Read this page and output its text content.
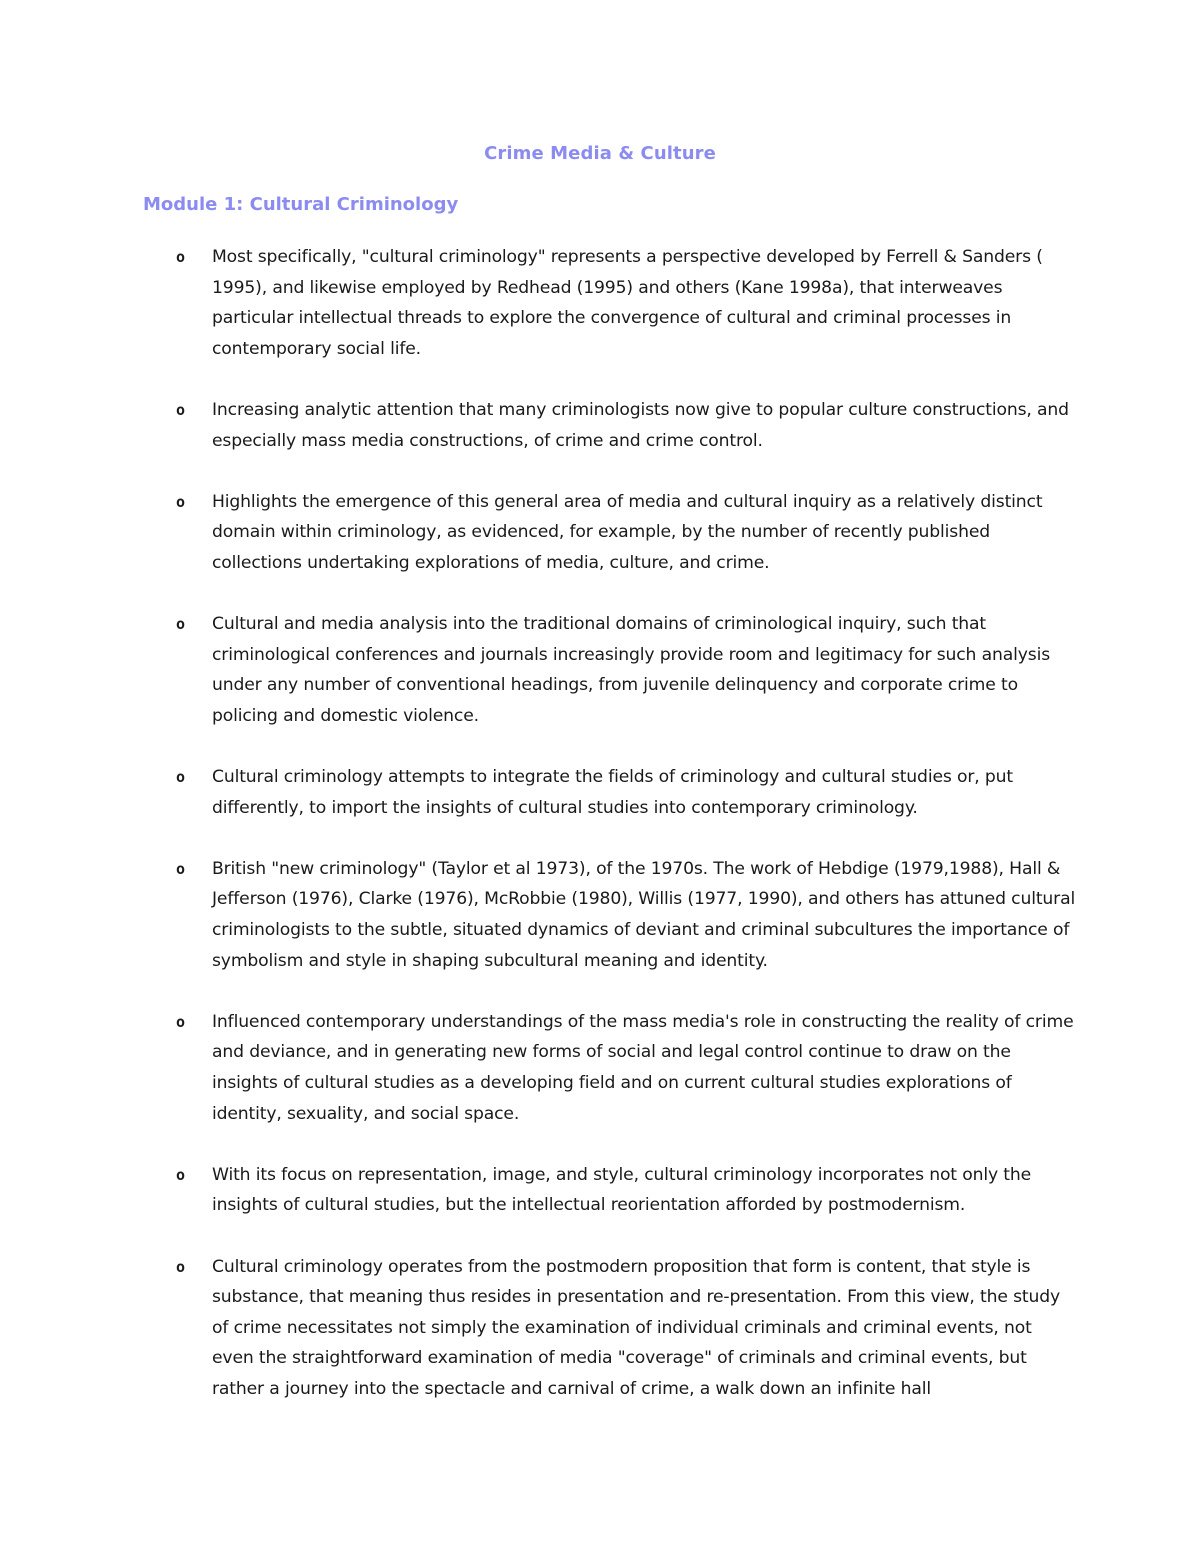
Crime Media & Culture
Module 1: Cultural Criminology
o Most specifically, "cultural criminology" represents a perspective developed by Ferrell & Sanders ( 1995), and likewise employed by Redhead (1995) and others (Kane 1998a), that interweaves particular intellectual threads to explore the convergence of cultural and criminal processes in contemporary social life.
o Increasing analytic attention that many criminologists now give to popular culture constructions, and especially mass media constructions, of crime and crime control.
o Highlights the emergence of this general area of media and cultural inquiry as a relatively distinct domain within criminology, as evidenced, for example, by the number of recently published collections undertaking explorations of media, culture, and crime.
o Cultural and media analysis into the traditional domains of criminological inquiry, such that criminological conferences and journals increasingly provide room and legitimacy for such analysis under any number of conventional headings, from juvenile delinquency and corporate crime to policing and domestic violence.
o Cultural criminology attempts to integrate the fields of criminology and cultural studies or, put differently, to import the insights of cultural studies into contemporary criminology.
o British "new criminology" (Taylor et al 1973), of the 1970s. The work of Hebdige (1979,1988), Hall & Jefferson (1976), Clarke (1976), McRobbie (1980), Willis (1977, 1990), and others has attuned cultural criminologists to the subtle, situated dynamics of deviant and criminal subcultures the importance of symbolism and style in shaping subcultural meaning and identity.
o Influenced contemporary understandings of the mass media's role in constructing the reality of crime and deviance, and in generating new forms of social and legal control continue to draw on the insights of cultural studies as a developing field and on current cultural studies explorations of identity, sexuality, and social space.
o With its focus on representation, image, and style, cultural criminology incorporates not only the insights of cultural studies, but the intellectual reorientation afforded by postmodernism.
o Cultural criminology operates from the postmodern proposition that form is content, that style is substance, that meaning thus resides in presentation and re-presentation. From this view, the study of crime necessitates not simply the examination of individual criminals and criminal events, not even the straightforward examination of media "coverage" of criminals and criminal events, but rather a journey into the spectacle and carnival of crime, a walk down an infinite hall
